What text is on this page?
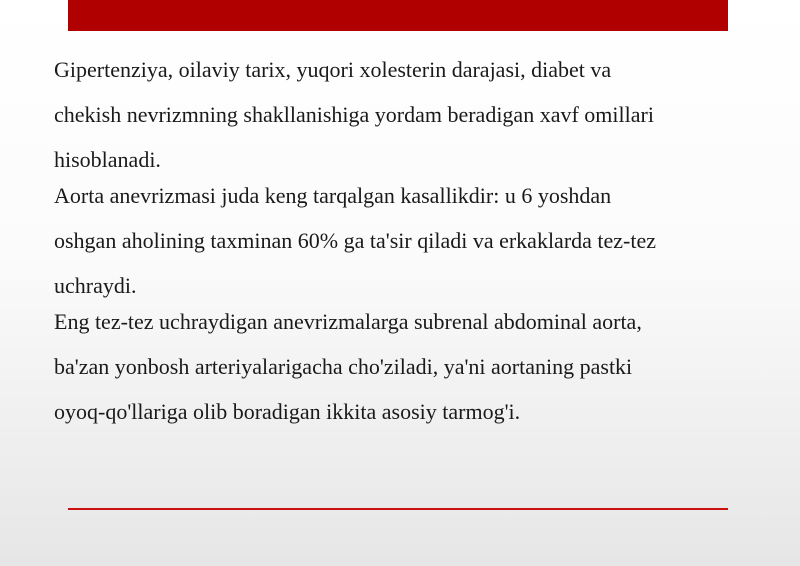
Gipertenziya, oilaviy tarix, yuqori xolesterin darajasi, diabet va
chekish nevrizmning shakllanishiga yordam beradigan xavf omillari
hisoblanadi.
Aorta anevrizmasi juda keng tarqalgan kasallikdir: u 6 yoshdan
oshgan aholining taxminan 60% ga ta'sir qiladi va erkaklarda tez-tez
uchraydi.
Eng tez-tez uchraydigan anevrizmalarga subrenal abdominal aorta,
ba'zan yonbosh arteriyalarigacha cho'ziladi, ya'ni aortaning pastki
oyoq-qo'llariga olib boradigan ikkita asosiy tarmog'i.
